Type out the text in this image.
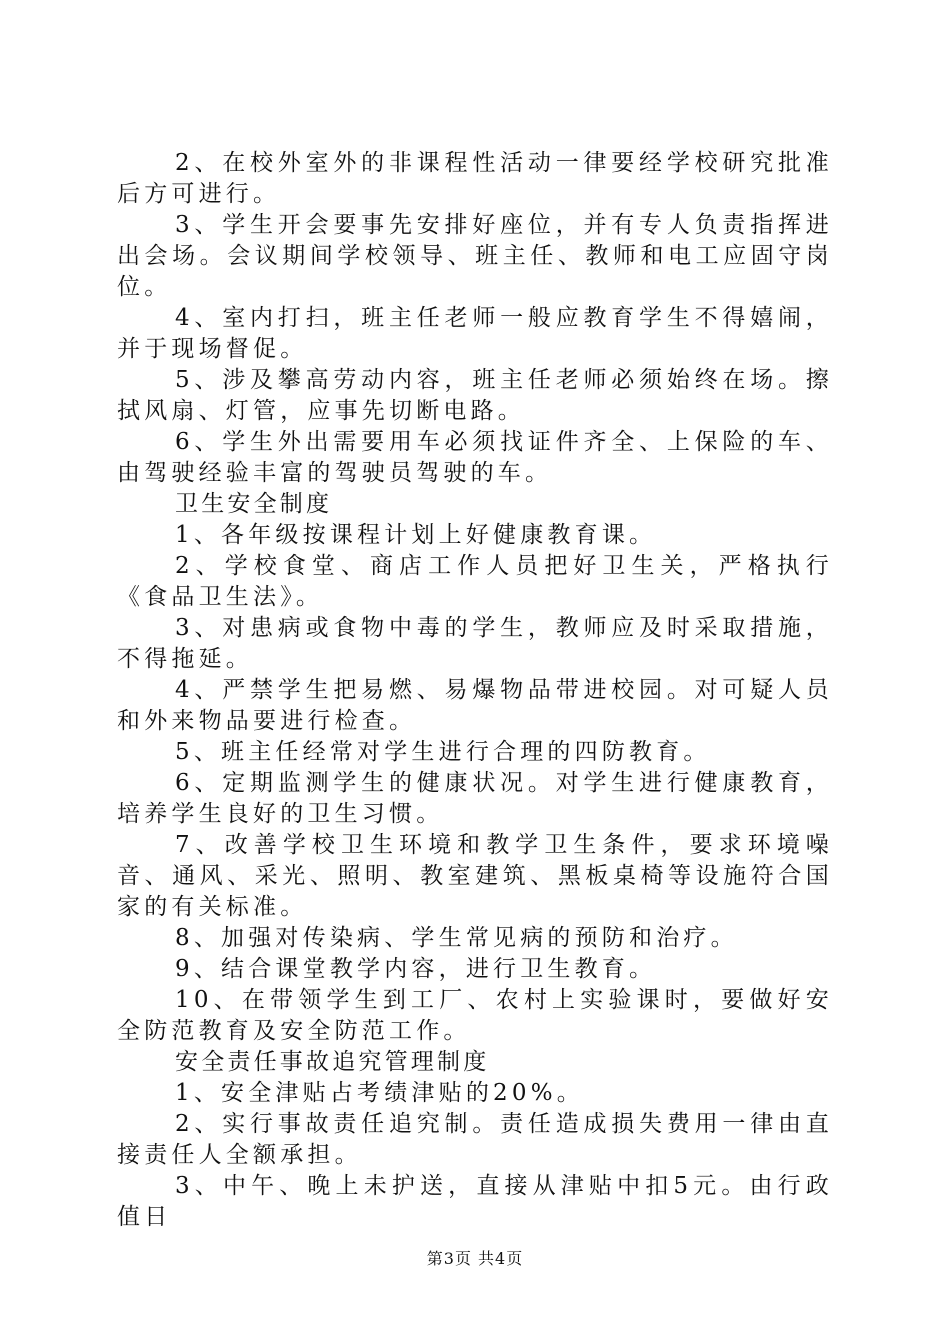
2、在校外室外的非课程性活动一律要经学校研究批准后方可进行。

3、学生开会要事先安排好座位，并有专人负责指挥进出会场。会议期间学校领导、班主任、教师和电工应固守岗位。

4、室内打扫，班主任老师一般应教育学生不得嬉闹，并于现场督促。

5、涉及攀高劳动内容，班主任老师必须始终在场。擦拭风扇、灯管，应事先切断电路。

6、学生外出需要用车必须找证件齐全、上保险的车、由驾驶经验丰富的驾驶员驾驶的车。

卫生安全制度

1、各年级按课程计划上好健康教育课。

2、学校食堂、商店工作人员把好卫生关，严格执行《食品卫生法》。

3、对患病或食物中毒的学生，教师应及时采取措施，不得拖延。

4、严禁学生把易燃、易爆物品带进校园。对可疑人员和外来物品要进行检查。

5、班主任经常对学生进行合理的四防教育。

6、定期监测学生的健康状况。对学生进行健康教育，培养学生良好的卫生习惯。

7、改善学校卫生环境和教学卫生条件，要求环境噪音、通风、采光、照明、教室建筑、黑板桌椅等设施符合国家的有关标准。

8、加强对传染病、学生常见病的预防和治疗。

9、结合课堂教学内容，进行卫生教育。

10、在带领学生到工厂、农村上实验课时，要做好安全防范教育及安全防范工作。

安全责任事故追究管理制度

1、安全津贴占考绩津贴的20%。

2、实行事故责任追究制。责任造成损失费用一律由直接责任人全额承担。

3、中午、晚上未护送，直接从津贴中扣5元。由行政值日

第3页 共4页
